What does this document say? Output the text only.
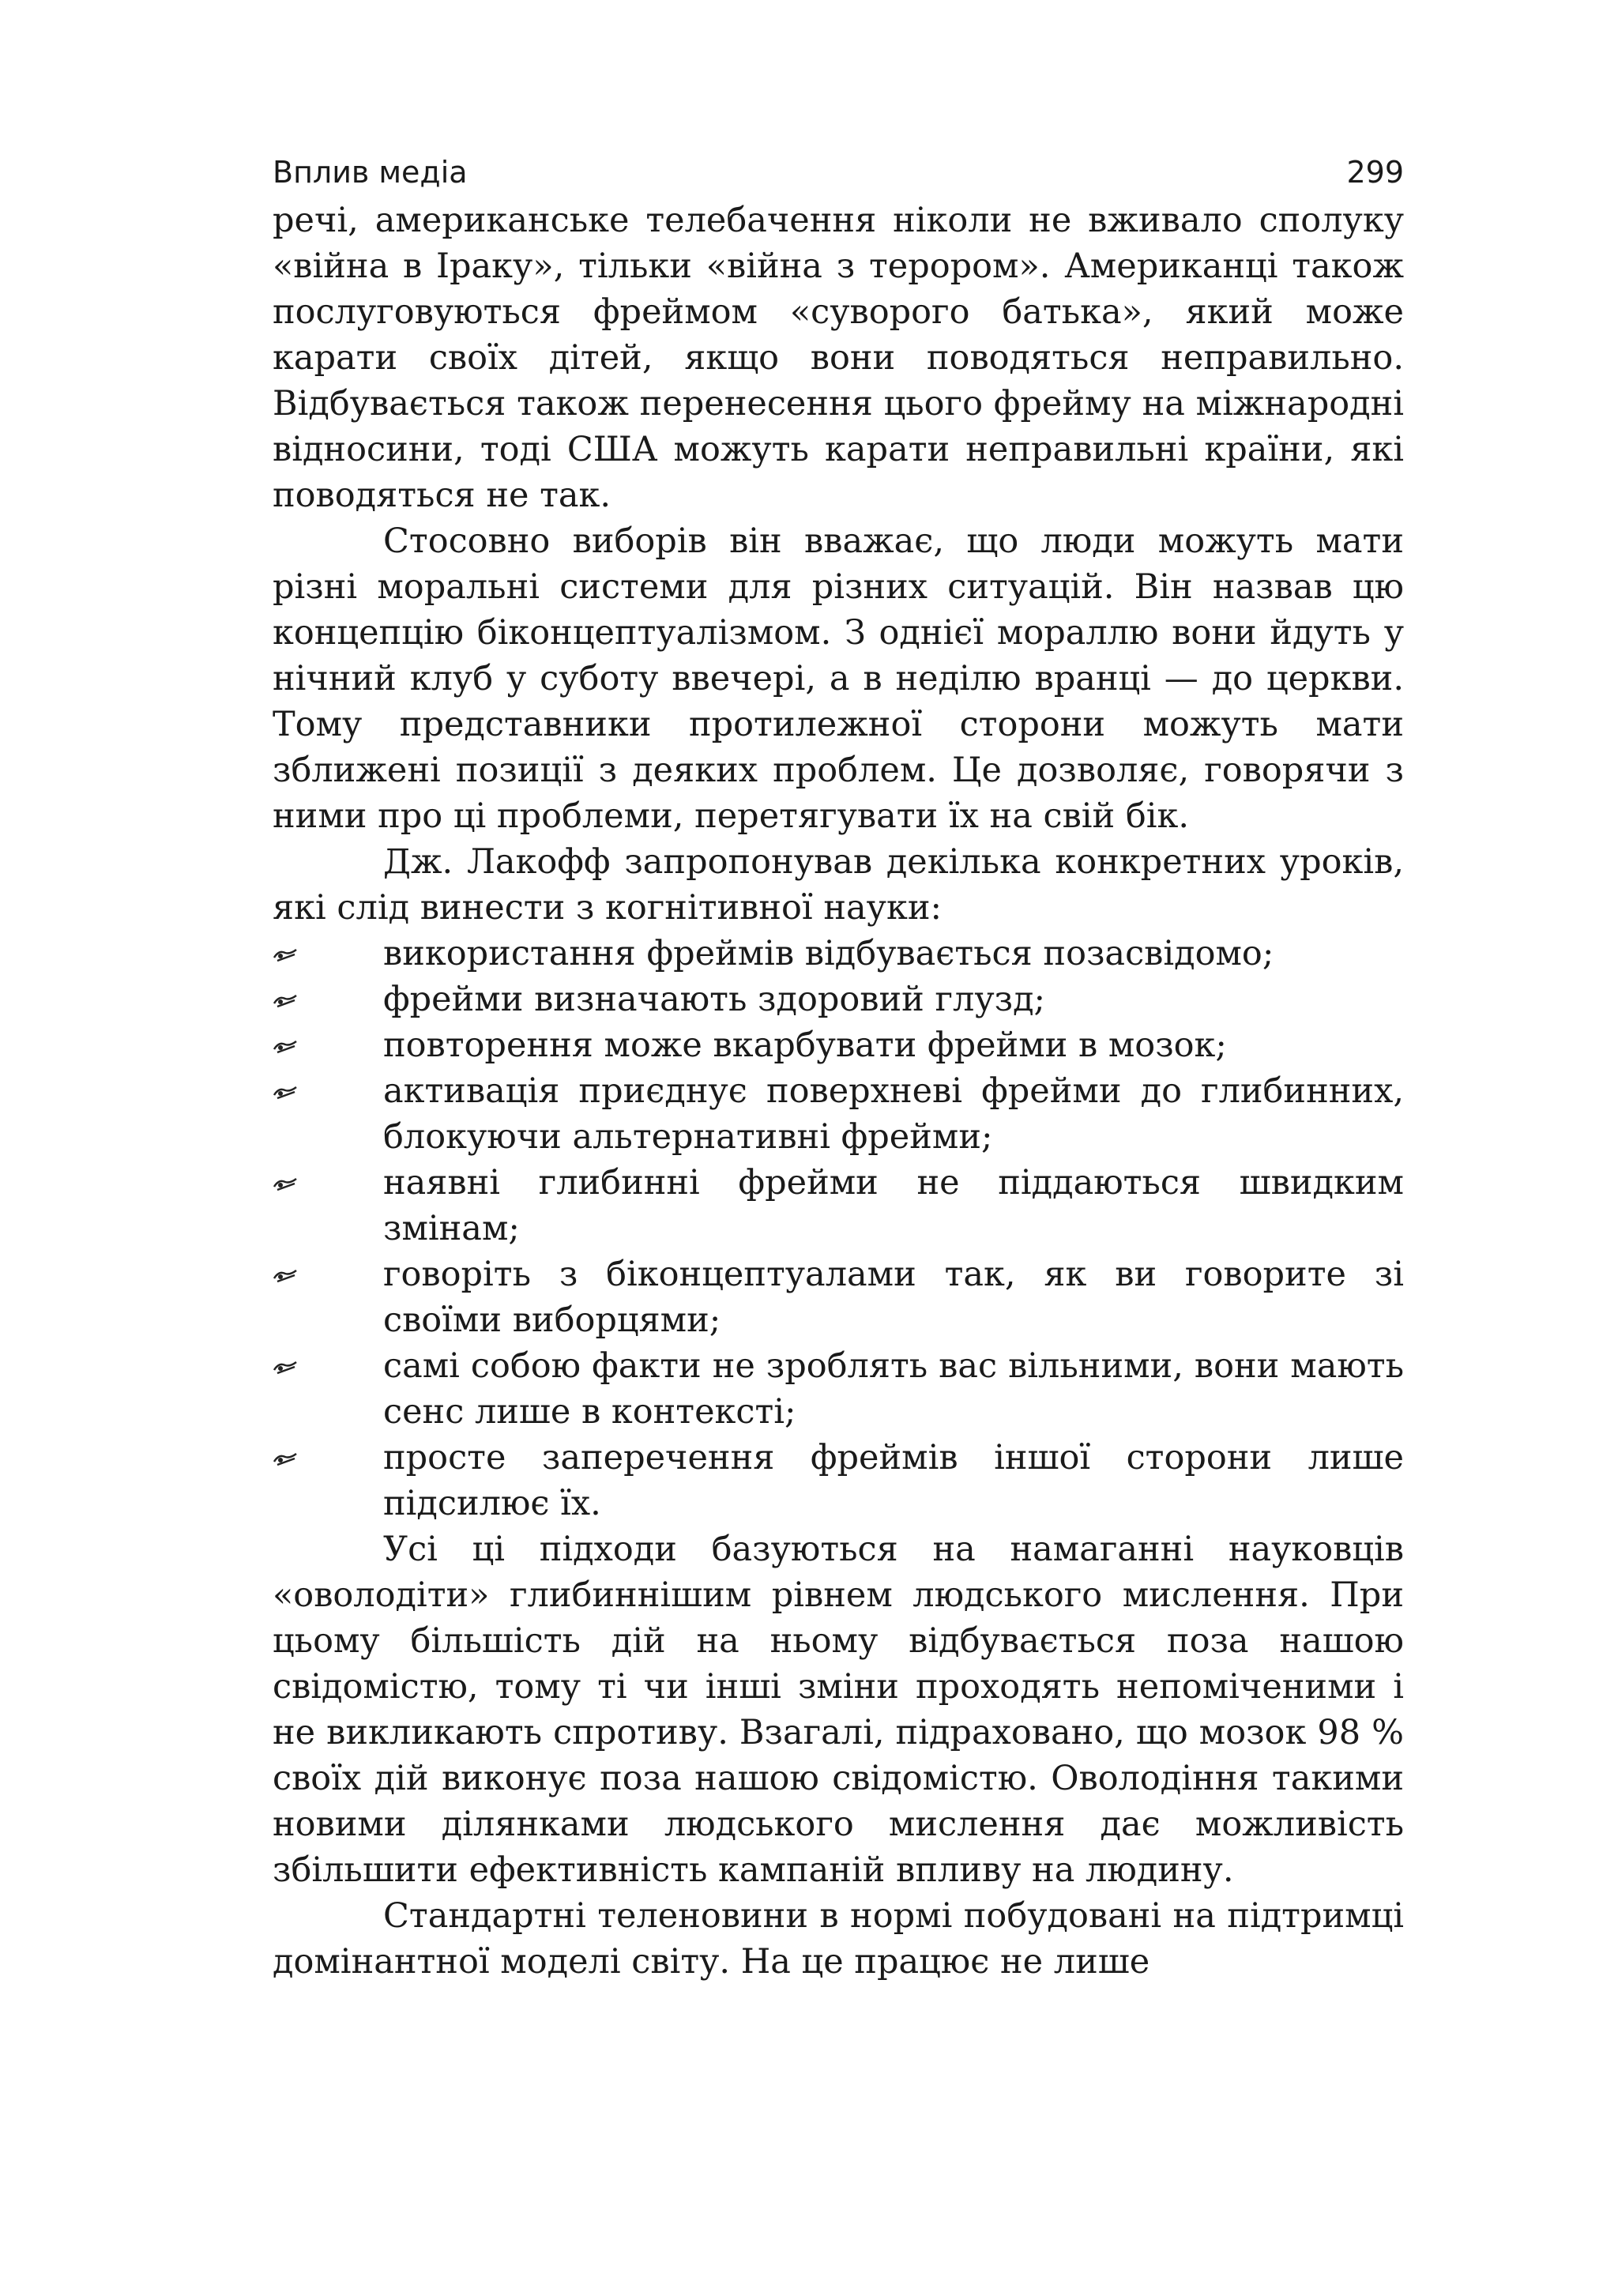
Вплив медіа	299

речі, американське телебачення ніколи не вживало сполуку «війна в Іраку», тільки «війна з терором». Американці також послуговуються фреймом «суворого батька», який може карати своїх дітей, якщо вони поводяться неправильно. Відбувається також перенесення цього фрейму на міжнародні відносини, тоді США можуть карати неправильні країни, які поводяться не так.

Стосовно виборів він вважає, що люди можуть мати різні моральні системи для різних ситуацій. Він назвав цю концепцію біконцептуалізмом. З однієї мораллю вони йдуть у нічний клуб у суботу ввечері, а в неділю вранці — до церкви. Тому представники протилежної сторони можуть мати зближені позиції з деяких проблем. Це дозволяє, говорячи з ними про ці проблеми, перетягувати їх на свій бік.

Дж. Лакофф запропонував декілька конкретних уроків, які слід винести з когнітивної науки:

використання фреймів відбувається позасвідомо;
фрейми визначають здоровий глузд;
повторення може вкарбувати фрейми в мозок;
активація приєднує поверхневі фрейми до глибинних, блокуючи альтернативні фрейми;
наявні глибинні фрейми не піддаються швидким змінам;
говоріть з біконцептуалами так, як ви говорите зі своїми виборцями;
самі собою факти не зроблять вас вільними, вони мають сенс лише в контексті;
просте заперечення фреймів іншої сторони лише підсилює їх.

Усі ці підходи базуються на намаганні науковців «оволодіти» глибиннішим рівнем людського мислення. При цьому більшість дій на ньому відбувається поза нашою свідомістю, тому ті чи інші зміни проходять непоміченими і не викликають спротиву. Взагалі, підраховано, що мозок 98 % своїх дій виконує поза нашою свідомістю. Оволодіння такими новими ділянками людського мислення дає можливість збільшити ефективність кампаній впливу на людину.

Стандартні теленовини в нормі побудовані на підтримці домінантної моделі світу. На це працює не лише
